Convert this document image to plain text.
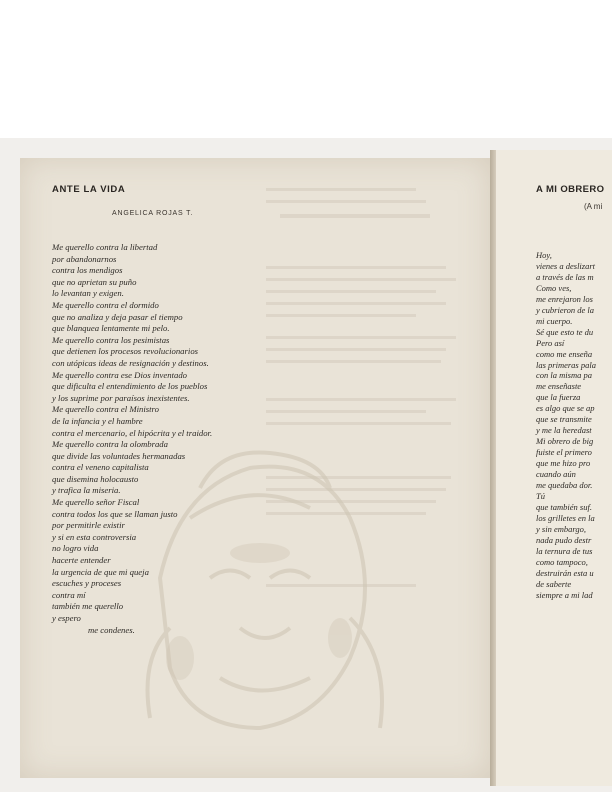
ANTE LA VIDA

ANGELICA ROJAS T.

Me querello contra la libertad
por abandonarnos
contra los mendigos
que no aprietan su puño
lo levantan y exigen.
Me querello contra el dormido
que no analiza y deja pasar el tiempo
que blanquea lentamente mi pelo.
Me querello contra los pesimistas
que detienen los procesos revolucionarios
con utópicas ideas de resignación y destinos.
Me querello contra ese Dios inventado
que dificulta el entendimiento de los pueblos
y los suprime por paraísos inexistentes.
Me querello contra el Ministro
de la infancia y el hambre
contra el mercenario, el hipócrita y el traidor.
Me querello contra la olombrada
que divide las voluntades hermanadas
contra el veneno capitalista
que disemina holocausto
y trafica la miseria.
Me querello señor Fiscal
contra todos los que se llaman justo
por permitirle existir
y si en esta controversia
no logro vida
hacerte entender
la urgencia de que mi queja
escuches y proceses
contra mí
también me querello
y espero
me condenes.
A MI OBRERO

(A mi

Hoy,
vienes a deslizart
a través de las m
Como ves,
me enrejaron los
y cubrieron de la
mi cuerpo.
Sé que esto te du
Pero así
como me enseña
las primeras pala
con la misma pa
me enseñaste
que la fuerza
es algo que se ap
que se transmite
y me la heredast
Mi obrero de big
fuiste el primero
que me hizo pro
cuando aún
me quedaba dor.
Tú
que también suf.
los grilletes en la
y sin embargo,
nada pudo destr
la ternura de tus
como tampoco,
destruirán esta u
de saberte
siempre a mi lad
